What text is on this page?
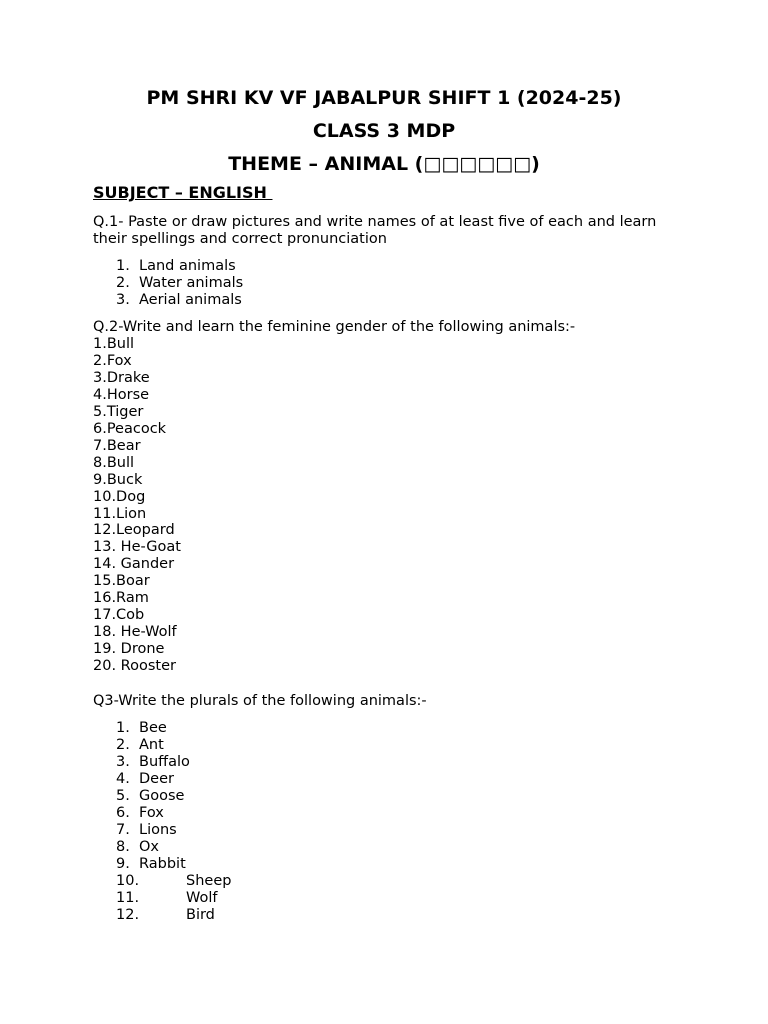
PM SHRI KV VF JABALPUR SHIFT 1 (2024-25)

CLASS 3 MDP

THEME – ANIMAL (□□□□□□)

SUBJECT – ENGLISH

Q.1- Paste or draw pictures and write names of at least five of each and learn their spellings and correct pronunciation

1. Land animals
2. Water animals
3. Aerial animals

Q.2-Write and learn the feminine gender of the following animals:-

1.Bull
2.Fox
3.Drake
4.Horse
5.Tiger
6.Peacock
7.Bear
8.Bull
9.Buck
10.Dog
11.Lion
12.Leopard
13. He-Goat
14. Gander
15.Boar
16.Ram
17.Cob
18. He-Wolf
19. Drone
20. Rooster

Q3-Write the plurals of the following animals:-

1. Bee
2. Ant
3. Buffalo
4. Deer
5. Goose
6. Fox
7. Lions
8. Ox
9. Rabbit
10.	Sheep
11.	Wolf
12.	Bird
